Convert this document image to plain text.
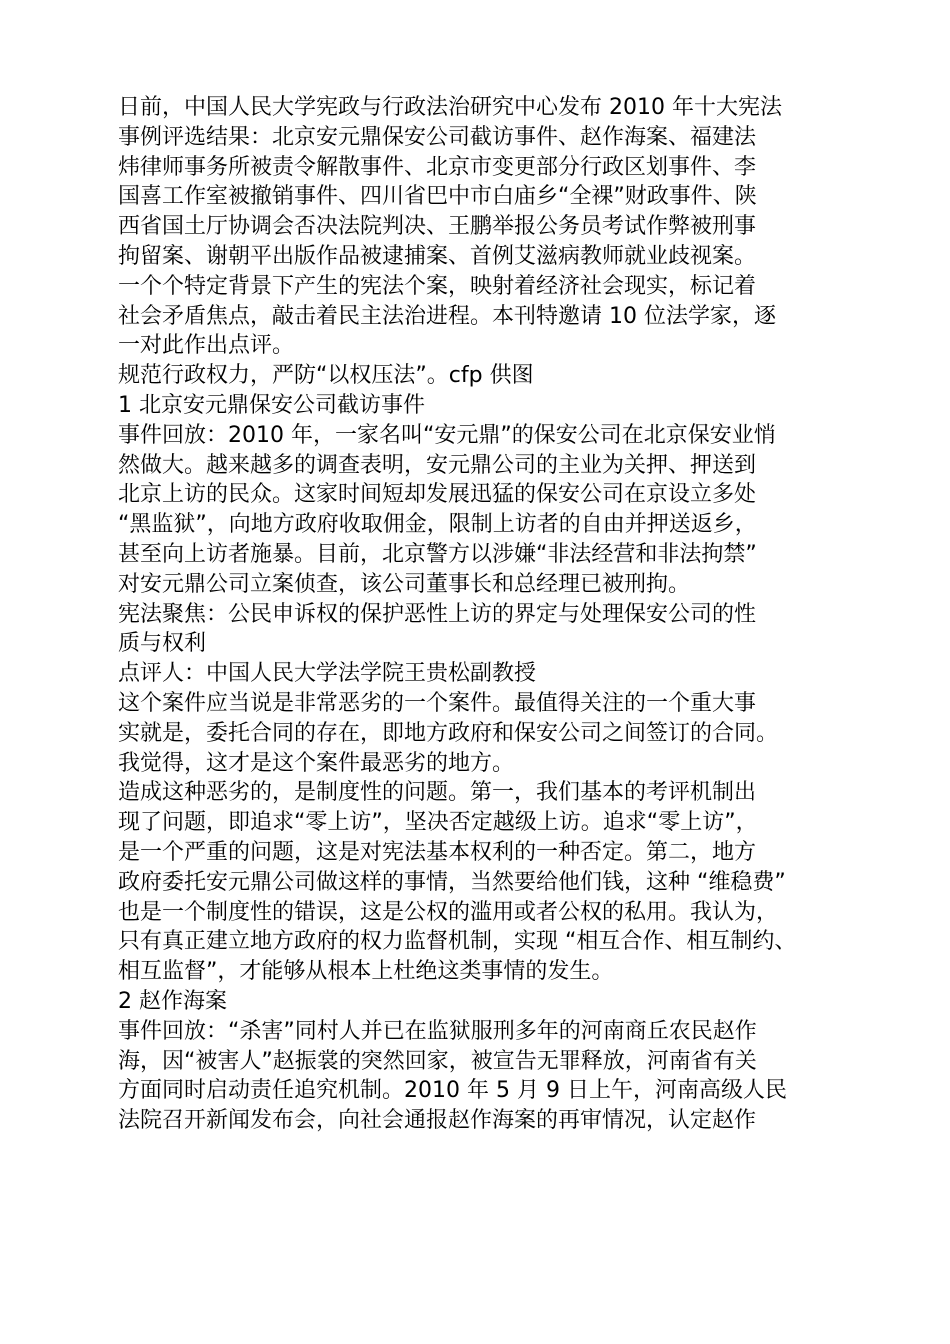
日前，中国人民大学宪政与行政法治研究中心发布 2010 年十大宪法
事例评选结果：北京安元鼎保安公司截访事件、赵作海案、福建法
炜律师事务所被责令解散事件、北京市变更部分行政区划事件、李
国喜工作室被撤销事件、四川省巴中市白庙乡“全裸”财政事件、陕
西省国土厅协调会否决法院判决、王鹏举报公务员考试作弊被刑事
拘留案、谢朝平出版作品被逮捕案、首例艾滋病教师就业歧视案。
一个个特定背景下产生的宪法个案，映射着经济社会现实，标记着
社会矛盾焦点，敲击着民主法治进程。本刊特邀请 10 位法学家，逐
一对此作出点评。
规范行政权力，严防“以权压法”。cfp 供图
1 北京安元鼎保安公司截访事件
事件回放：2010 年，一家名叫“安元鼎”的保安公司在北京保安业悄
然做大。越来越多的调查表明，安元鼎公司的主业为关押、押送到
北京上访的民众。这家时间短却发展迅猛的保安公司在京设立多处
“黑监狱”，向地方政府收取佣金，限制上访者的自由并押送返乡，
甚至向上访者施暴。目前，北京警方以涉嫌“非法经营和非法拘禁”
对安元鼎公司立案侦查，该公司董事长和总经理已被刑拘。
宪法聚焦：公民申诉权的保护恶性上访的界定与处理保安公司的性
质与权利
点评人：中国人民大学法学院王贵松副教授
这个案件应当说是非常恶劣的一个案件。最值得关注的一个重大事
实就是，委托合同的存在，即地方政府和保安公司之间签订的合同。
我觉得，这才是这个案件最恶劣的地方。
造成这种恶劣的，是制度性的问题。第一，我们基本的考评机制出
现了问题，即追求“零上访”，坚决否定越级上访。追求“零上访”，
是一个严重的问题，这是对宪法基本权利的一种否定。第二，地方
政府委托安元鼎公司做这样的事情，当然要给他们钱，这种 “维稳费”
也是一个制度性的错误，这是公权的滥用或者公权的私用。我认为，
只有真正建立地方政府的权力监督机制，实现 “相互合作、相互制约、
相互监督”，才能够从根本上杜绝这类事情的发生。
2 赵作海案
事件回放：“杀害”同村人并已在监狱服刑多年的河南商丘农民赵作
海，因“被害人”赵振裳的突然回家，被宣告无罪释放，河南省有关
方面同时启动责任追究机制。2010 年 5 月 9 日上午，河南高级人民
法院召开新闻发布会，向社会通报赵作海案的再审情况，认定赵作
